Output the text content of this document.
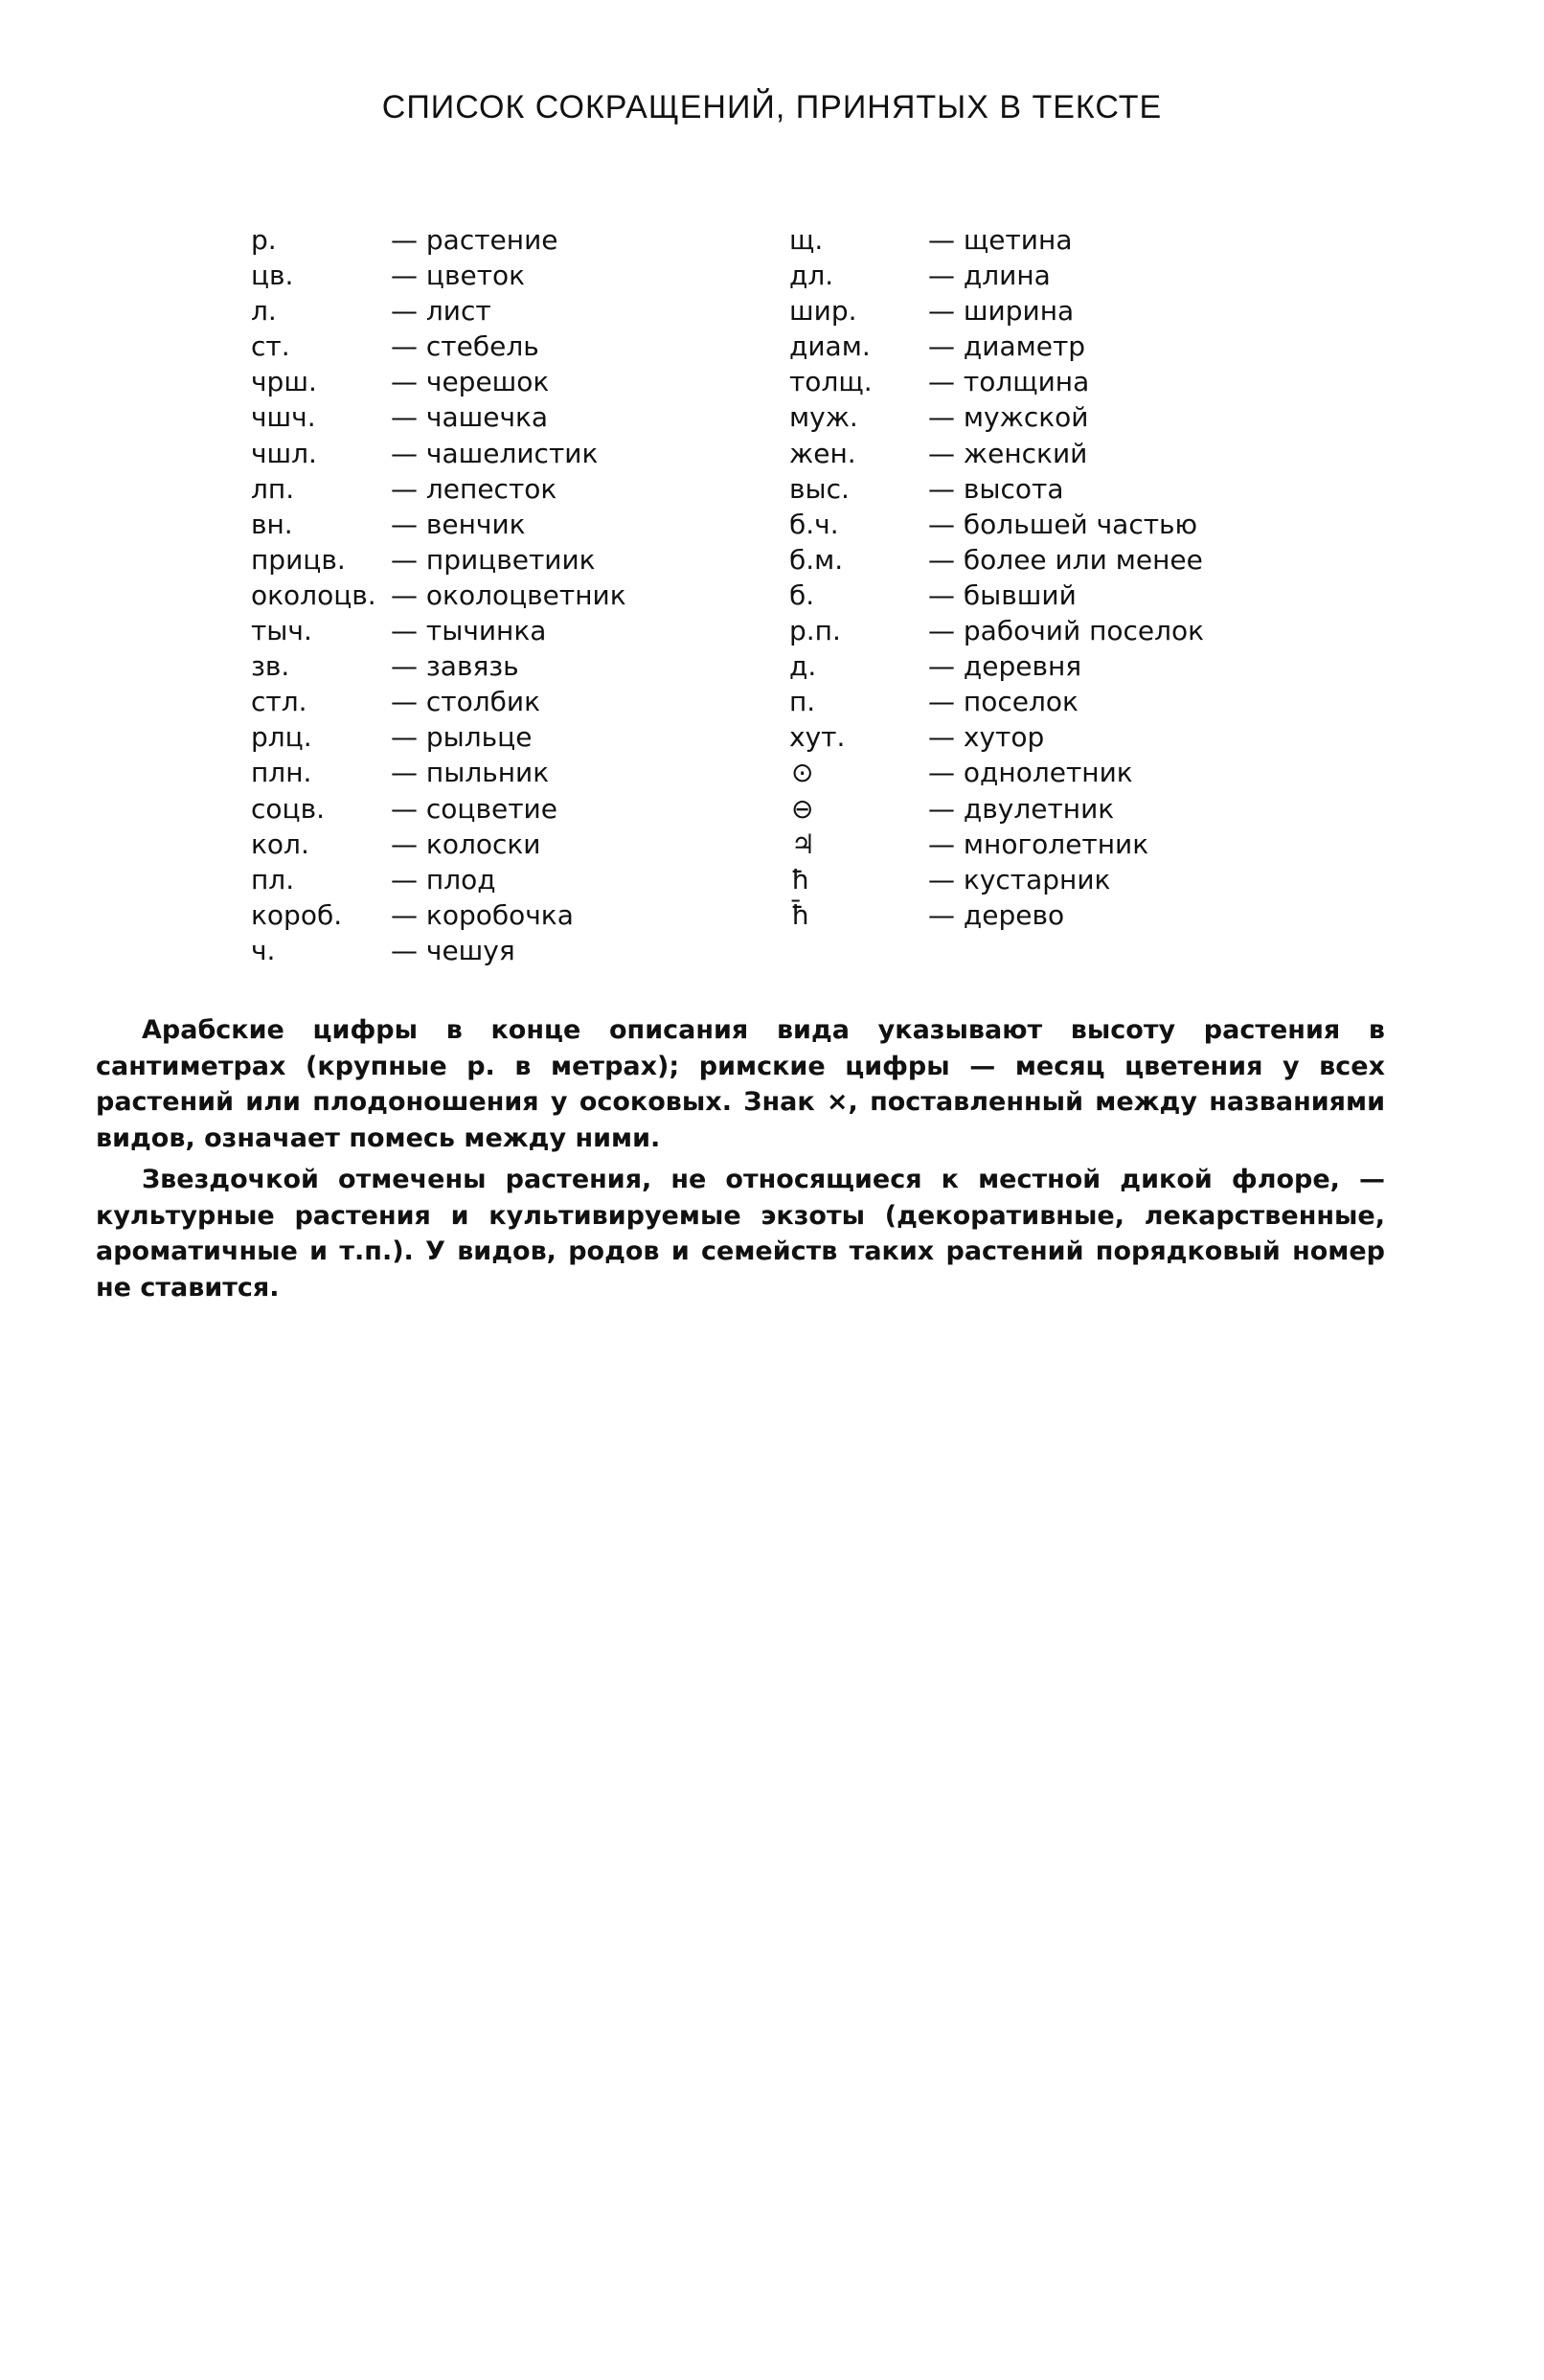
СПИСОК СОКРАЩЕНИЙ, ПРИНЯТЫХ В ТЕКСТЕ
р.	— растение
цв.	— цветок
л.	— лист
ст.	— стебель
чрш.	— черешок
чшч.	— чашечка
чшл.	— чашелистик
лп.	— лепесток
вн.	— венчик
прицв. — прицветиик
околоцв. — околоцветник
тыч.	— тычинка
зв.	— завязь
стл.	— столбик
рлц.	— рыльце
плн.	— пыльник
соцв. — соцветие
кол.	— колоски
пл.	— плод
короб. — коробочка
ч.	— чешуя
щ.	— щетина
дл.	— длина
шир.	— ширина
диам. — диаметр
толщ. — толщина
муж.	— мужской
жен.	— женский
выс.	— высота
б.ч.	— большей частью
б.м.	— более или менее
б.	— бывший
р.п.	— рабочий поселок
д.	— деревня
п.	— поселок
хут.	— хутор
⊙	— однолетник
⊖	— двулетник
♃	— многолетник
ħ	— кустарник
ħ̄	— дерево

Арабские цифры в конце описания вида указывают высоту растения в сантиметрах (крупные р. в метрах); римские цифры — месяц цветения у всех растений или плодоношения у осоковых. Знак ×, поставленный между названиями видов, означает помесь между ними.

Звездочкой отмечены растения, не относящиеся к местной дикой флоре, — культурные растения и культивируемые экзоты (декоративные, лекарственные, ароматичные и т.п.). У видов, родов и семейств таких растений порядковый номер не ставится.
